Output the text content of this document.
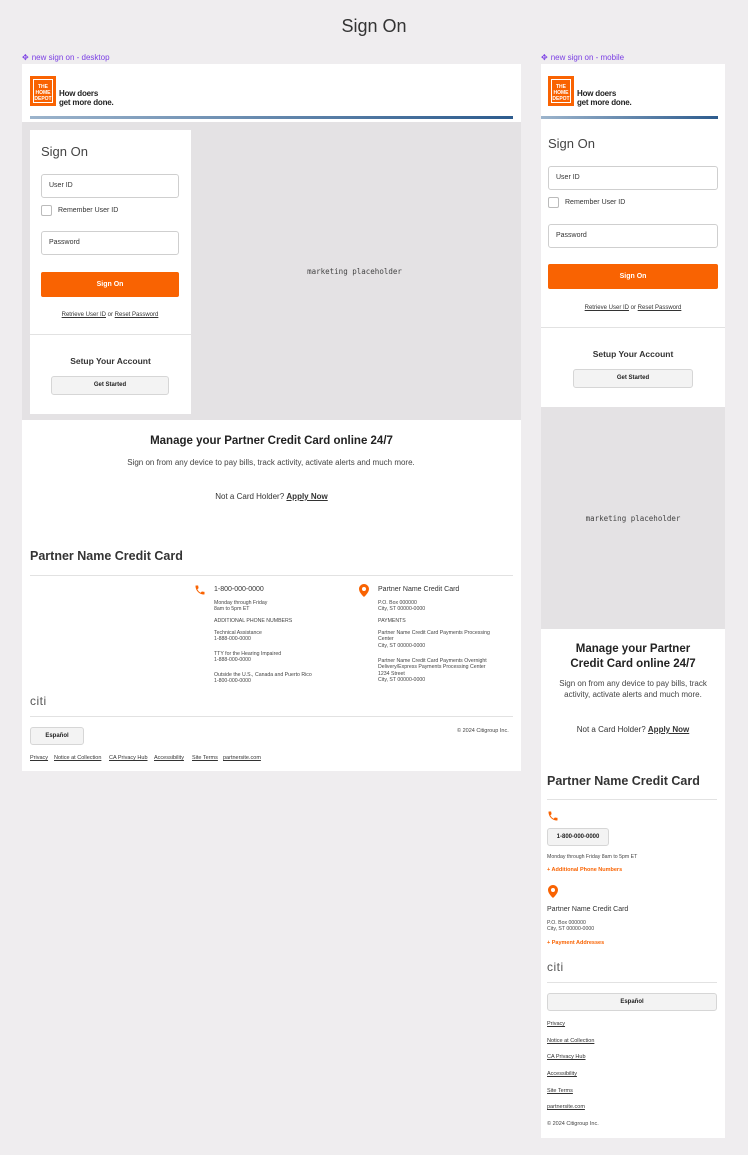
Sign On
✥ new sign on - desktop
THE HOME DEPOT
How doers
get more done.
marketing placeholder
Sign On
User ID
Remember User ID
Password
Sign On
Retrieve User ID or Reset Password
Setup Your Account
Get Started
Manage your Partner Credit Card online 24/7
Sign on from any device to pay bills, track activity, activate alerts and much more.
Not a Card Holder? Apply Now
Partner Name Credit Card
1-800-000-0000
Monday through Friday
8am to 5pm ET
ADDITIONAL PHONE NUMBERS
Technical Assistance
1-888-000-0000
TTY for the Hearing Impaired
1-888-000-0000
Outside the U.S., Canada and Puerto Rico
1-800-000-0000
Partner Name Credit Card
P.O. Box 000000
City, ST 00000-0000
PAYMENTS
Partner Name Credit Card Payments Processing
Center
City, ST 00000-0000
Partner Name Credit Card Payments Overnight
Delivery/Express Payments Processing Center
1234 Street
City, ST 00000-0000
citi
Español
© 2024 Citigroup Inc.
Privacy Notice at Collection CA Privacy Hub Accessibility Site Terms partnersite.com
✥ new sign on - mobile
THE HOME DEPOT
How doers
get more done.
Sign On
User ID
Remember User ID
Password
Sign On
Retrieve User ID or Reset Password
Setup Your Account
Get Started
marketing placeholder
Manage your Partner
Credit Card online 24/7
Sign on from any device to pay bills, track activity, activate alerts and much more.
Not a Card Holder? Apply Now
Partner Name Credit Card
1-800-000-0000
Monday through Friday 8am to 5pm ET
+ Additional Phone Numbers
Partner Name Credit Card
P.O. Box 000000
City, ST 00000-0000
+ Payment Addresses
citi
Español
Privacy
Notice at Collection
CA Privacy Hub
Accessibility
Site Terms
partnersite.com
© 2024 Citigroup Inc.
